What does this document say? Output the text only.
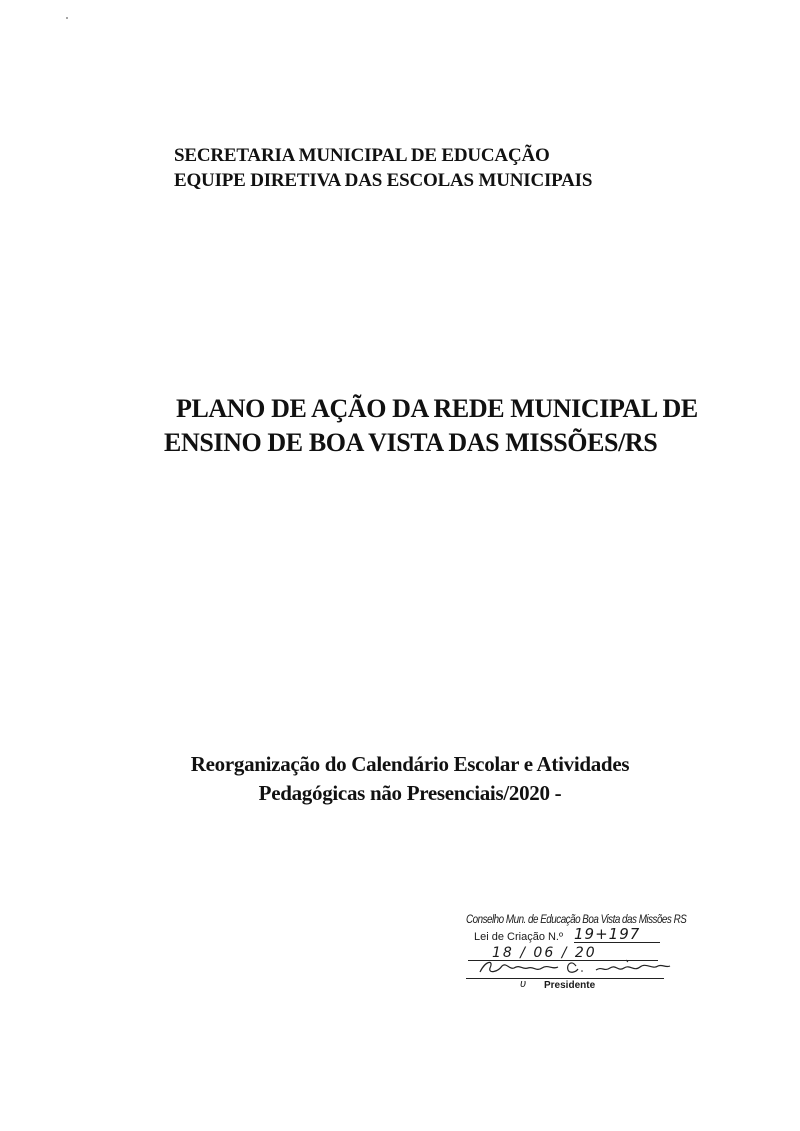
SECRETARIA MUNICIPAL DE EDUCAÇÃO
EQUIPE DIRETIVA DAS ESCOLAS MUNICIPAIS
PLANO DE AÇÃO DA REDE MUNICIPAL DE
ENSINO DE BOA VISTA DAS MISSÕES/RS
Reorganização do Calendário Escolar e Atividades
Pedagógicas não Presenciais/2020 -
Conselho Mun. de Educação Boa Vista das Missões RS
Lei de Criação N.º 19+197
18 / 06 / 20
ʋ Presidente
